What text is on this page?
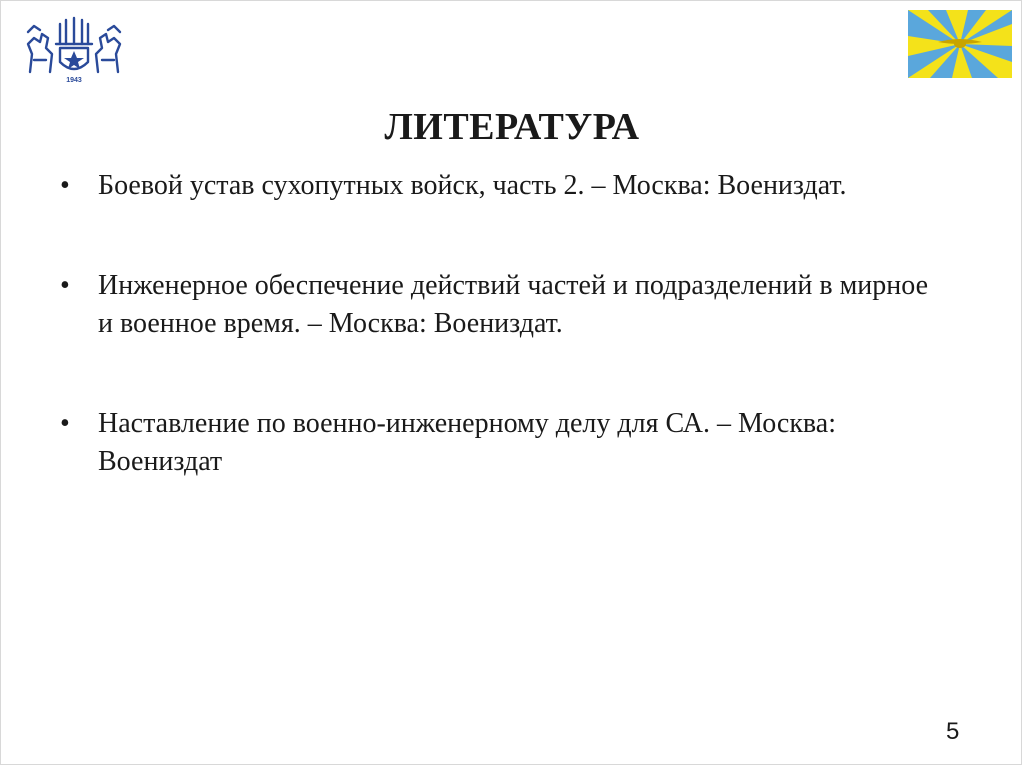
1943
ЛИТЕРАТУРА
• Боевой устав сухопутных войск, часть 2. – Москва: Воениздат.
• Инженерное обеспечение действий частей и подразделений в мирное и военное время. – Москва: Воениздат.
• Наставление по военно-инженерному делу для СА. – Москва: Воениздат
5
